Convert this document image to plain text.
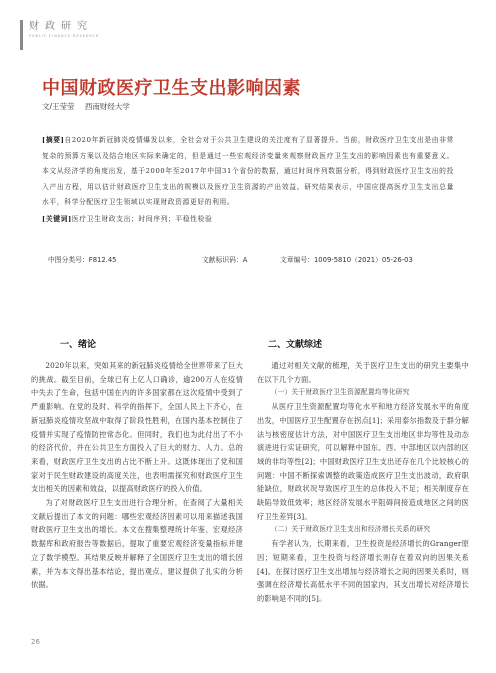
财政研究
PUBLIC FINANCE RESEARCH
中国财政医疗卫生支出影响因素
文/王莹莹 西南财经大学
[摘要]自2020年新冠肺炎疫情爆发以来，全社会对于公共卫生建设的关注度有了显著提升。当前，财政医疗卫生支出是由非常复杂的预算方案以及结合地区实际来确定的，但是通过一些宏观经济变量来观察财政医疗卫生支出的影响因素也有重要意义。本文从经济学的角度出发，基于2000年至2017年中国31个省份的数据，通过时间序列数据分析，得到财政医疗卫生支出的投入产出方程，用以估计财政医疗卫生支出的规模以及医疗卫生资源的产出效益。研究结果表示，中国应提高医疗卫生支出总量水平，科学分配医疗卫生领域以实现财政资源更好的利用。
[关键词]医疗卫生财政支出；时间序列；平稳性检验
中图分类号：F812.45	文献标识码：A	文章编号：1009-5810（2021）05-26-03
一、绪论	二、文献综述

2020年以来，突如其来的新冠肺炎疫情给全世界带来了巨大的挑战。截至目前，全球已有上亿人口确诊，逾200万人在疫情中失去了生命，包括中国在内的许多国家都在这次疫情中受到了严重影响。在党的及时、科学的指挥下，全国人民上下齐心，在新冠肺炎疫情攻坚战中取得了阶段性胜利，在国内基本控制住了疫情并实现了疫情防控常态化。但同时，我们也为此付出了不小的经济代价，并在公共卫生方面投入了巨大的财力、人力。总的来看，财政医疗卫生支出的占比不断上升。这既体现出了党和国家对于民生财政建设的高度关注，也表明需探究和财政医疗卫生支出相关的因素和效益，以提高财政医疗的投入价值。

为了对财政医疗卫生支出进行合理分析，在查阅了大量相关文献后提出了本文的问题：哪些宏观经济因素可以用来描述我国财政医疗卫生支出的增长。本文在搜集整理统计年鉴、宏观经济数据库和政府报告等数据后，提取了重要宏观经济变量指标并建立了数学模型。其结果反映并解释了全国医疗卫生支出的增长因素，并为本文得出基本结论，提出观点、建议提供了扎实的分析依据。

通过对相关文献的梳理，关于医疗卫生支出的研究主要集中在以下几个方面。

（一）关于财政医疗卫生资源配置均等化研究

从医疗卫生资源配置均等化水平和地方经济发展水平的角度出发，中国医疗卫生配置存在拐点[1]；采用泰尔指数及于群分解法与核密度估计方法，对中国医疗卫生支出地区非均等性及动态演进进行实证研究，可以解释中国东、西、中部地区以内部的区域的非均等性[2]；中国财政医疗卫生支出还存在几个比较核心的问题：中国不断探索调整的政策造成医疗卫生支出波动，政府职能缺位，财政状况导致医疗卫生的总体投入不足；相关制度存在缺陷导致低效率；地区经济发展水平阻碍间接造成地区之间的医疗卫生差异[3]。

（二）关于财政医疗卫生支出和经济增长关系的研究

有学者认为，长期来看，卫生投资是经济增长的Granger原因；短期来看，卫生投资与经济增长则存在着双向的因果关系[4]。在探讨医疗卫生支出增加与经济增长之间的因果关系时，则强调在经济增长高低水平不同的国家内，其支出增长对经济增长的影响是不同的[5]。

26
